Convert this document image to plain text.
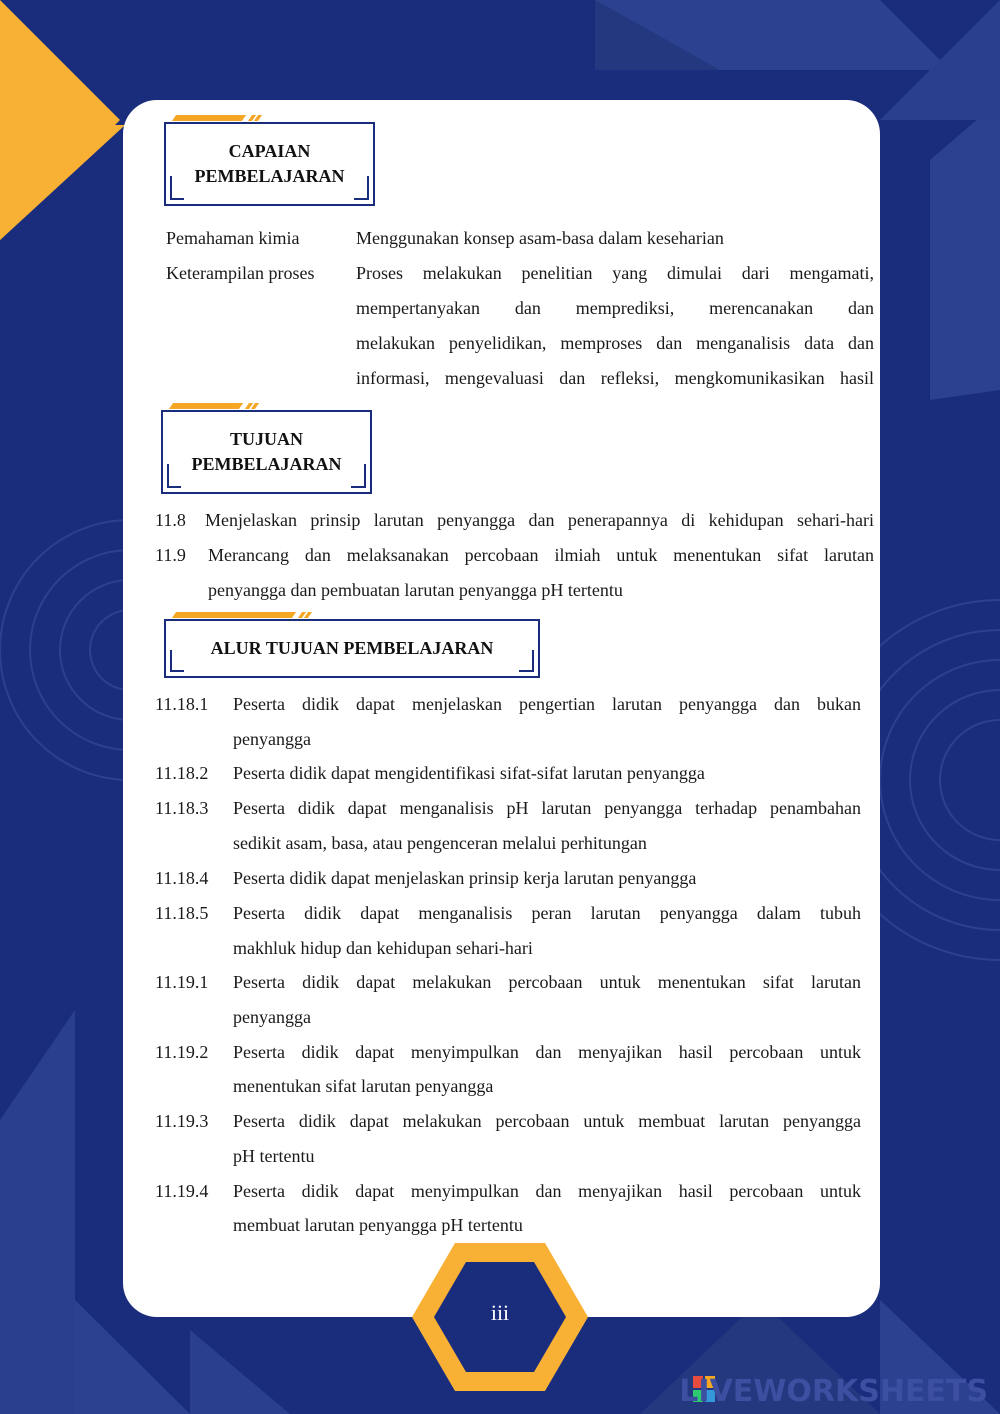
CAPAIAN PEMBELAJARAN
Pemahaman kimia	Menggunakan konsep asam-basa dalam keseharian
Keterampilan proses Proses melakukan penelitian yang dimulai dari mengamati,
mempertanyakan dan memprediksi, merencanakan dan
melakukan penyelidikan, memproses dan menganalisis data dan
informasi, mengevaluasi dan refleksi, mengkomunikasikan hasil
TUJUAN PEMBELAJARAN
11.8 Menjelaskan prinsip larutan penyangga dan penerapannya di kehidupan sehari-hari
11.9 Merancang dan melaksanakan percobaan ilmiah untuk menentukan sifat larutan
penyangga dan pembuatan larutan penyangga pH tertentu
ALUR TUJUAN PEMBELAJARAN
11.18.1 Peserta didik dapat menjelaskan pengertian larutan penyangga dan bukan
penyangga
11.18.2 Peserta didik dapat mengidentifikasi sifat-sifat larutan penyangga
11.18.3 Peserta didik dapat menganalisis pH larutan penyangga terhadap penambahan
sedikit asam, basa, atau pengenceran melalui perhitungan
11.18.4 Peserta didik dapat menjelaskan prinsip kerja larutan penyangga
11.18.5 Peserta didik dapat menganalisis peran larutan penyangga dalam tubuh
makhluk hidup dan kehidupan sehari-hari
11.19.1 Peserta didik dapat melakukan percobaan untuk menentukan sifat larutan
penyangga
11.19.2 Peserta didik dapat menyimpulkan dan menyajikan hasil percobaan untuk
menentukan sifat larutan penyangga
11.19.3 Peserta didik dapat melakukan percobaan untuk membuat larutan penyangga
pH tertentu
11.19.4 Peserta didik dapat menyimpulkan dan menyajikan hasil percobaan untuk
membuat larutan penyangga pH tertentu
iii
LIVEWORKSHEETS
